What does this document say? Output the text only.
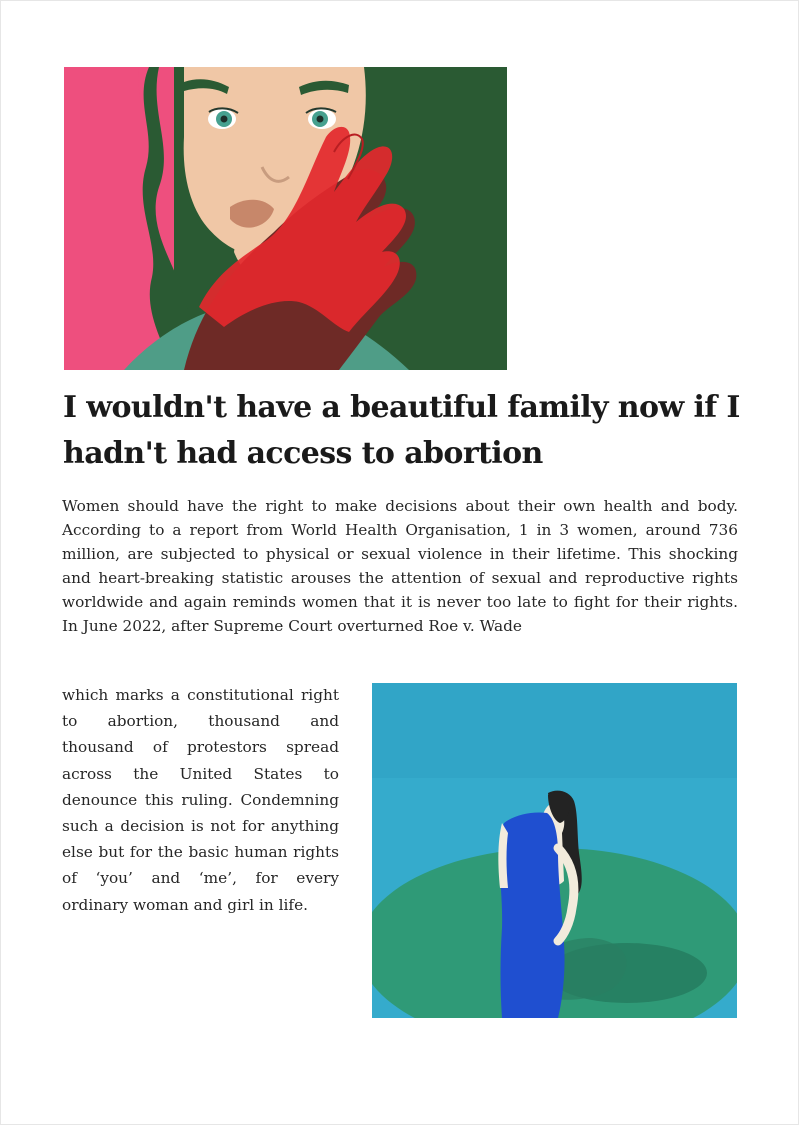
I wouldn't have a beautiful family now if I hadn't had access to abortion

Women should have the right to make decisions about their own health and body. According to a report from World Health Organisation, 1 in 3 women, around 736 million, are subjected to physical or sexual violence in their lifetime. This shocking and heart-breaking statistic arouses the attention of sexual and reproductive rights worldwide and again reminds women that it is never too late to fight for their rights. In June 2022, after Supreme Court overturned Roe v. Wade

which marks a constitutional right to abortion, thousand and thousand of protestors spread across the United States to denounce this ruling. Condemning such a decision is not for anything else but for the basic human rights of ‘you’ and ‘me’, for every ordinary woman and girl in life.
